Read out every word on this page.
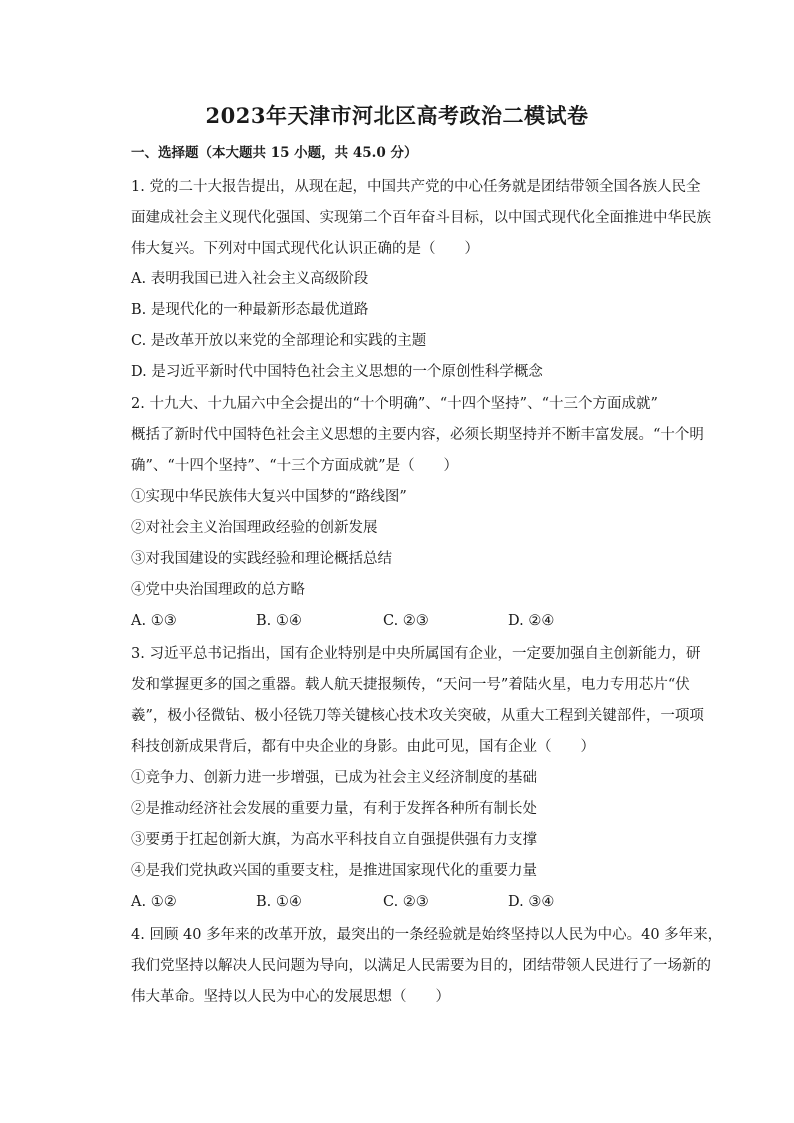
2023年天津市河北区高考政治二模试卷
一、选择题（本大题共 15 小题，共 45.0 分）
1. 党的二十大报告提出，从现在起，中国共产党的中心任务就是团结带领全国各族人民全
面建成社会主义现代化强国、实现第二个百年奋斗目标，以中国式现代化全面推进中华民族
伟大复兴。下列对中国式现代化认识正确的是（　　）
A. 表明我国已进入社会主义高级阶段
B. 是现代化的一种最新形态最优道路
C. 是改革开放以来党的全部理论和实践的主题
D. 是习近平新时代中国特色社会主义思想的一个原创性科学概念
2. 十九大、十九届六中全会提出的“十个明确”、“十四个坚持”、“十三个方面成就”
概括了新时代中国特色社会主义思想的主要内容，必须长期坚持并不断丰富发展。“十个明
确”、“十四个坚持”、“十三个方面成就”是（　　）
①实现中华民族伟大复兴中国梦的“路线图”
②对社会主义治国理政经验的创新发展
③对我国建设的实践经验和理论概括总结
④党中央治国理政的总方略
A. ①③	B. ①④	C. ②③	D. ②④
3. 习近平总书记指出，国有企业特别是中央所属国有企业，一定要加强自主创新能力，研
发和掌握更多的国之重器。载人航天捷报频传，“天问一号”着陆火星，电力专用芯片“伏
羲”，极小径微钻、极小径铣刀等关键核心技术攻关突破，从重大工程到关键部件，一项项
科技创新成果背后，都有中央企业的身影。由此可见，国有企业（　　）
①竞争力、创新力进一步增强，已成为社会主义经济制度的基础
②是推动经济社会发展的重要力量，有利于发挥各种所有制长处
③要勇于扛起创新大旗，为高水平科技自立自强提供强有力支撑
④是我们党执政兴国的重要支柱，是推进国家现代化的重要力量
A. ①②	B. ①④	C. ②③	D. ③④
4. 回顾 40 多年来的改革开放，最突出的一条经验就是始终坚持以人民为中心。40 多年来，
我们党坚持以解决人民问题为导向，以满足人民需要为目的，团结带领人民进行了一场新的
伟大革命。坚持以人民为中心的发展思想（　　）
